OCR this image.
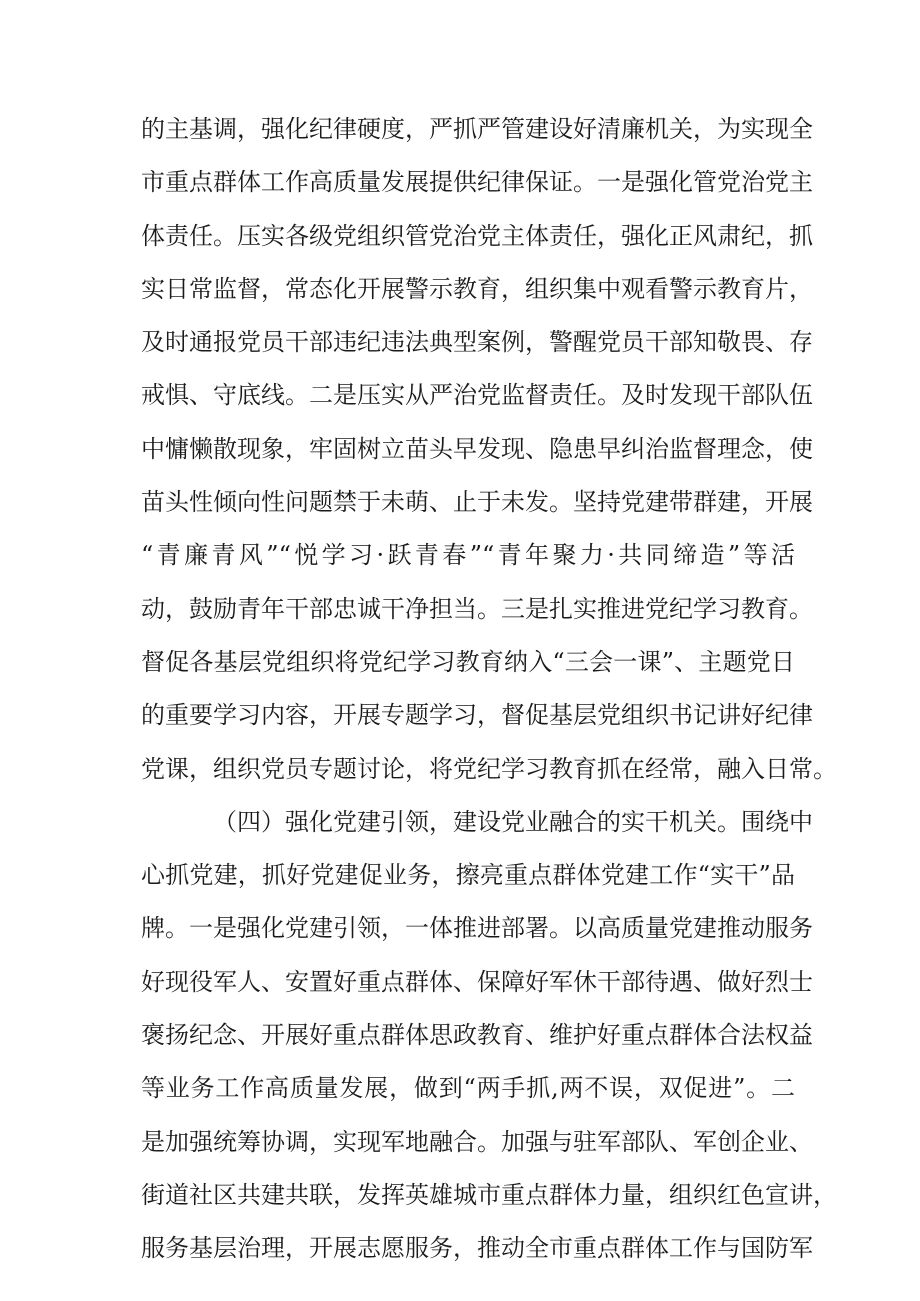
的主基调，强化纪律硬度，严抓严管建设好清廉机关，为实现全
市重点群体工作高质量发展提供纪律保证。一是强化管党治党主
体责任。压实各级党组织管党治党主体责任，强化正风肃纪，抓
实日常监督，常态化开展警示教育，组织集中观看警示教育片，
及时通报党员干部违纪违法典型案例，警醒党员干部知敬畏、存
戒惧、守底线。二是压实从严治党监督责任。及时发现干部队伍
中慵懒散现象，牢固树立苗头早发现、隐患早纠治监督理念，使
苗头性倾向性问题禁于未萌、止于未发。坚持党建带群建，开展
“青廉青风”“悦学习·跃青春”“青年聚力·共同缔造”等活
动，鼓励青年干部忠诚干净担当。三是扎实推进党纪学习教育。
督促各基层党组织将党纪学习教育纳入“三会一课”、主题党日
的重要学习内容，开展专题学习，督促基层党组织书记讲好纪律
党课，组织党员专题讨论，将党纪学习教育抓在经常，融入日常。
（四）强化党建引领，建设党业融合的实干机关。围绕中
心抓党建，抓好党建促业务，擦亮重点群体党建工作“实干”品
牌。一是强化党建引领，一体推进部署。以高质量党建推动服务
好现役军人、安置好重点群体、保障好军休干部待遇、做好烈士
褒扬纪念、开展好重点群体思政教育、维护好重点群体合法权益
等业务工作高质量发展，做到“两手抓,两不误，双促进”。二
是加强统筹协调，实现军地融合。加强与驻军部队、军创企业、
街道社区共建共联，发挥英雄城市重点群体力量，组织红色宣讲，
服务基层治理，开展志愿服务，推动全市重点群体工作与国防军
